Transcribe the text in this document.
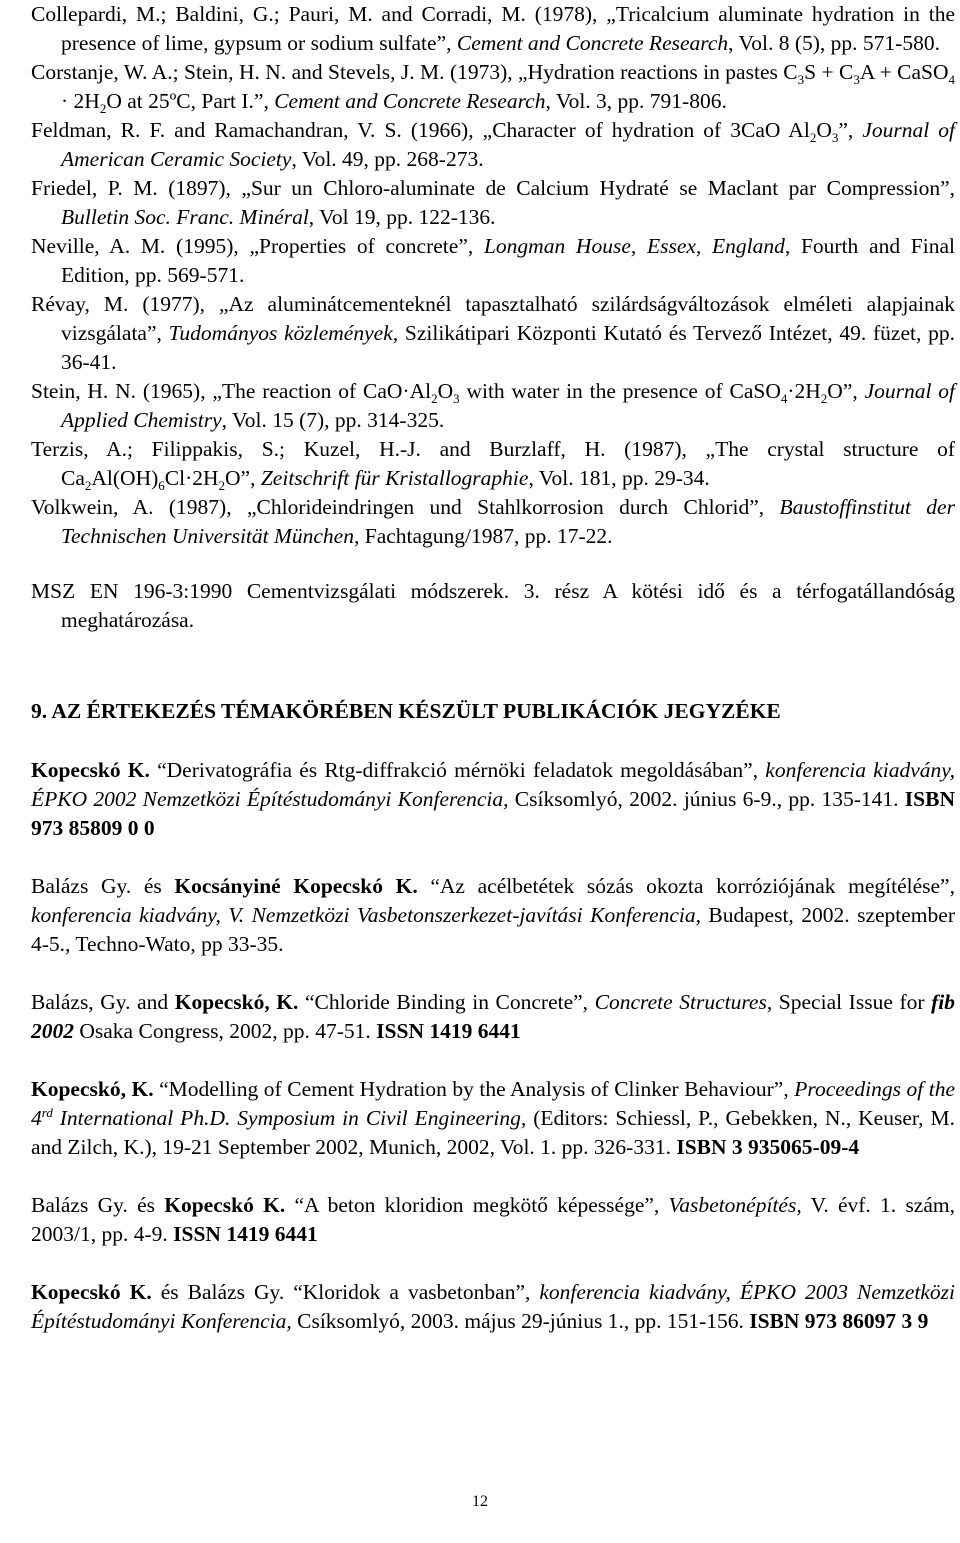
Collepardi, M.; Baldini, G.; Pauri, M. and Corradi, M. (1978), „Tricalcium aluminate hydration in the presence of lime, gypsum or sodium sulfate”, Cement and Concrete Research, Vol. 8 (5), pp. 571-580.

Corstanje, W. A.; Stein, H. N. and Stevels, J. M. (1973), „Hydration reactions in pastes $C_3S + C_3A$ + CaSO$_4$ · $2H_2O$ at 25ºC, Part I.”, Cement and Concrete Research, Vol. 3, pp. 791-806.

Feldman, R. F. and Ramachandran, V. S. (1966), „Character of hydration of 3CaO $Al_2O_3$”, Journal of American Ceramic Society, Vol. 49, pp. 268-273.

Friedel, P. M. (1897), „Sur un Chloro-aluminate de Calcium Hydraté se Maclant par Compression”, Bulletin Soc. Franc. Minéral, Vol 19, pp. 122-136.

Neville, A. M. (1995), „Properties of concrete”, Longman House, Essex, England, Fourth and Final Edition, pp. 569-571.

Révay, M. (1977), „Az aluminátcementeknél tapasztalható szilárdságváltozások elméleti alapjainak vizsgálata”, Tudományos közlemények, Szilikátipari Központi Kutató és Tervező Intézet, 49. füzet, pp. 36-41.

Stein, H. N. (1965), „The reaction of $CaO\cdot Al_2O_3$ with water in the presence of $CaSO_4\cdot 2H_2O$”, Journal of Applied Chemistry, Vol. 15 (7), pp. 314-325.

Terzis, A.; Filippakis, S.; Kuzel, H.-J. and Burzlaff, H. (1987), „The crystal structure of $Ca_2Al(OH)_6Cl\cdot 2H_2O$”, Zeitschrift für Kristallographie, Vol. 181, pp. 29-34.

Volkwein, A. (1987), „Chlorideindringen und Stahlkorrosion durch Chlorid”, Baustoffinstitut der Technischen Universität München, Fachtagung/1987, pp. 17-22.

MSZ EN 196-3:1990 Cementvizsgálati módszerek. 3. rész A kötési idő és a térfogatállandóság meghatározása.

9. AZ ÉRTEKEZÉS TÉMAKÖRÉBEN KÉSZÜLT PUBLIKÁCIÓK JEGYZÉKE

Kopecskó K. “Derivatográfia és Rtg-diffrakció mérnöki feladatok megoldásában”, konferencia kiadvány, ÉPKO 2002 Nemzetközi Építéstudományi Konferencia, Csíksomlyó, 2002. június 6-9., pp. 135-141. ISBN 973 85809 0 0

Balázs Gy. és Kocsányiné Kopecskó K. “Az acélbetétek sózás okozta korróziójának megítélése”, konferencia kiadvány, V. Nemzetközi Vasbetonszerkezet-javítási Konferencia, Budapest, 2002. szeptember 4-5., Techno-Wato, pp 33-35.

Balázs, Gy. and Kopecskó, K. “Chloride Binding in Concrete”, Concrete Structures, Special Issue for fib 2002 Osaka Congress, 2002, pp. 47-51. ISSN 1419 6441

Kopecskó, K. “Modelling of Cement Hydration by the Analysis of Clinker Behaviour”, Proceedings of the 4rd International Ph.D. Symposium in Civil Engineering, (Editors: Schiessl, P., Gebekken, N., Keuser, M. and Zilch, K.), 19-21 September 2002, Munich, 2002, Vol. 1. pp. 326-331. ISBN 3 935065-09-4

Balázs Gy. és Kopecskó K. “A beton kloridion megkötő képessége”, Vasbetonépítés, V. évf. 1. szám, 2003/1, pp. 4-9. ISSN 1419 6441

Kopecskó K. és Balázs Gy. “Kloridok a vasbetonban”, konferencia kiadvány, ÉPKO 2003 Nemzetközi Építéstudományi Konferencia, Csíksomlyó, 2003. május 29-június 1., pp. 151-156. ISBN 973 86097 3 9

12
